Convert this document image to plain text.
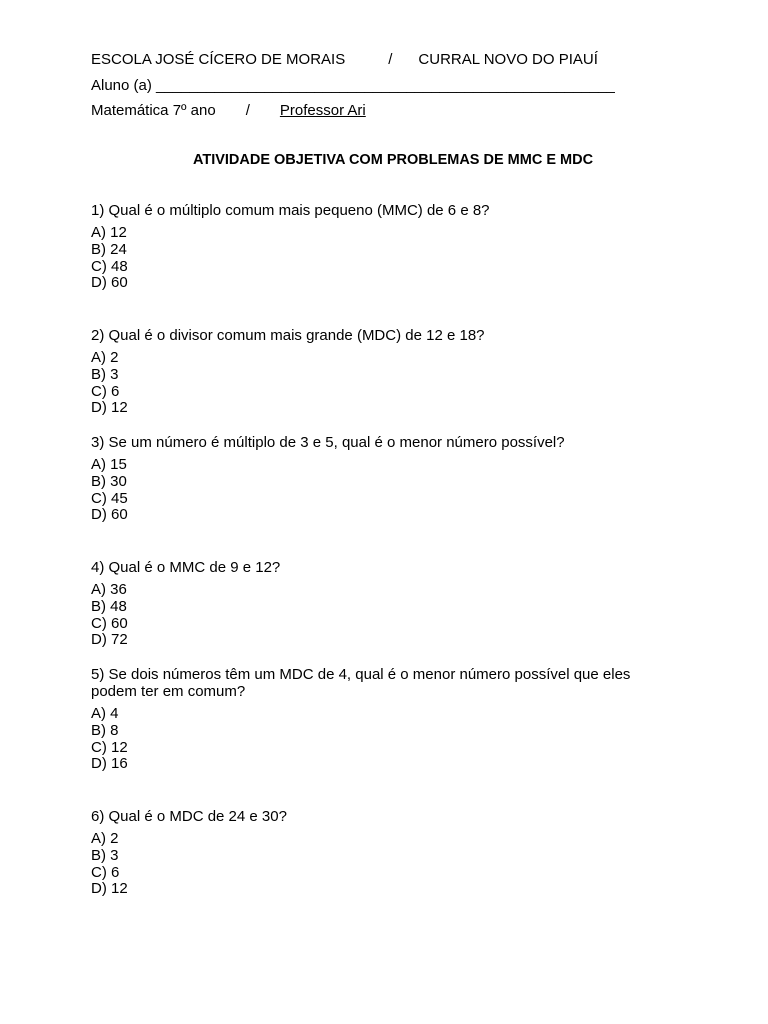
ESCOLA JOSÉ CÍCERO DE MORAIS	/ CURRAL NOVO DO PIAUÍ
Aluno (a) _______________________________________________________
Matemática 7º ano / Professor Ari
ATIVIDADE OBJETIVA COM PROBLEMAS DE MMC E MDC

1) Qual é o múltiplo comum mais pequeno (MMC) de 6 e 8?

A) 12

B) 24

C) 48

D) 60

2) Qual é o divisor comum mais grande (MDC) de 12 e 18?

A) 2

B) 3

C) 6

D) 12

3) Se um número é múltiplo de 3 e 5, qual é o menor número possível?

A) 15

B) 30

C) 45

D) 60

4) Qual é o MMC de 9 e 12?

A) 36

B) 48

C) 60

D) 72

5) Se dois números têm um MDC de 4, qual é o menor número possível que eles podem ter em comum?

A) 4

B) 8

C) 12

D) 16

6) Qual é o MDC de 24 e 30?

A) 2

B) 3

C) 6

D) 12
